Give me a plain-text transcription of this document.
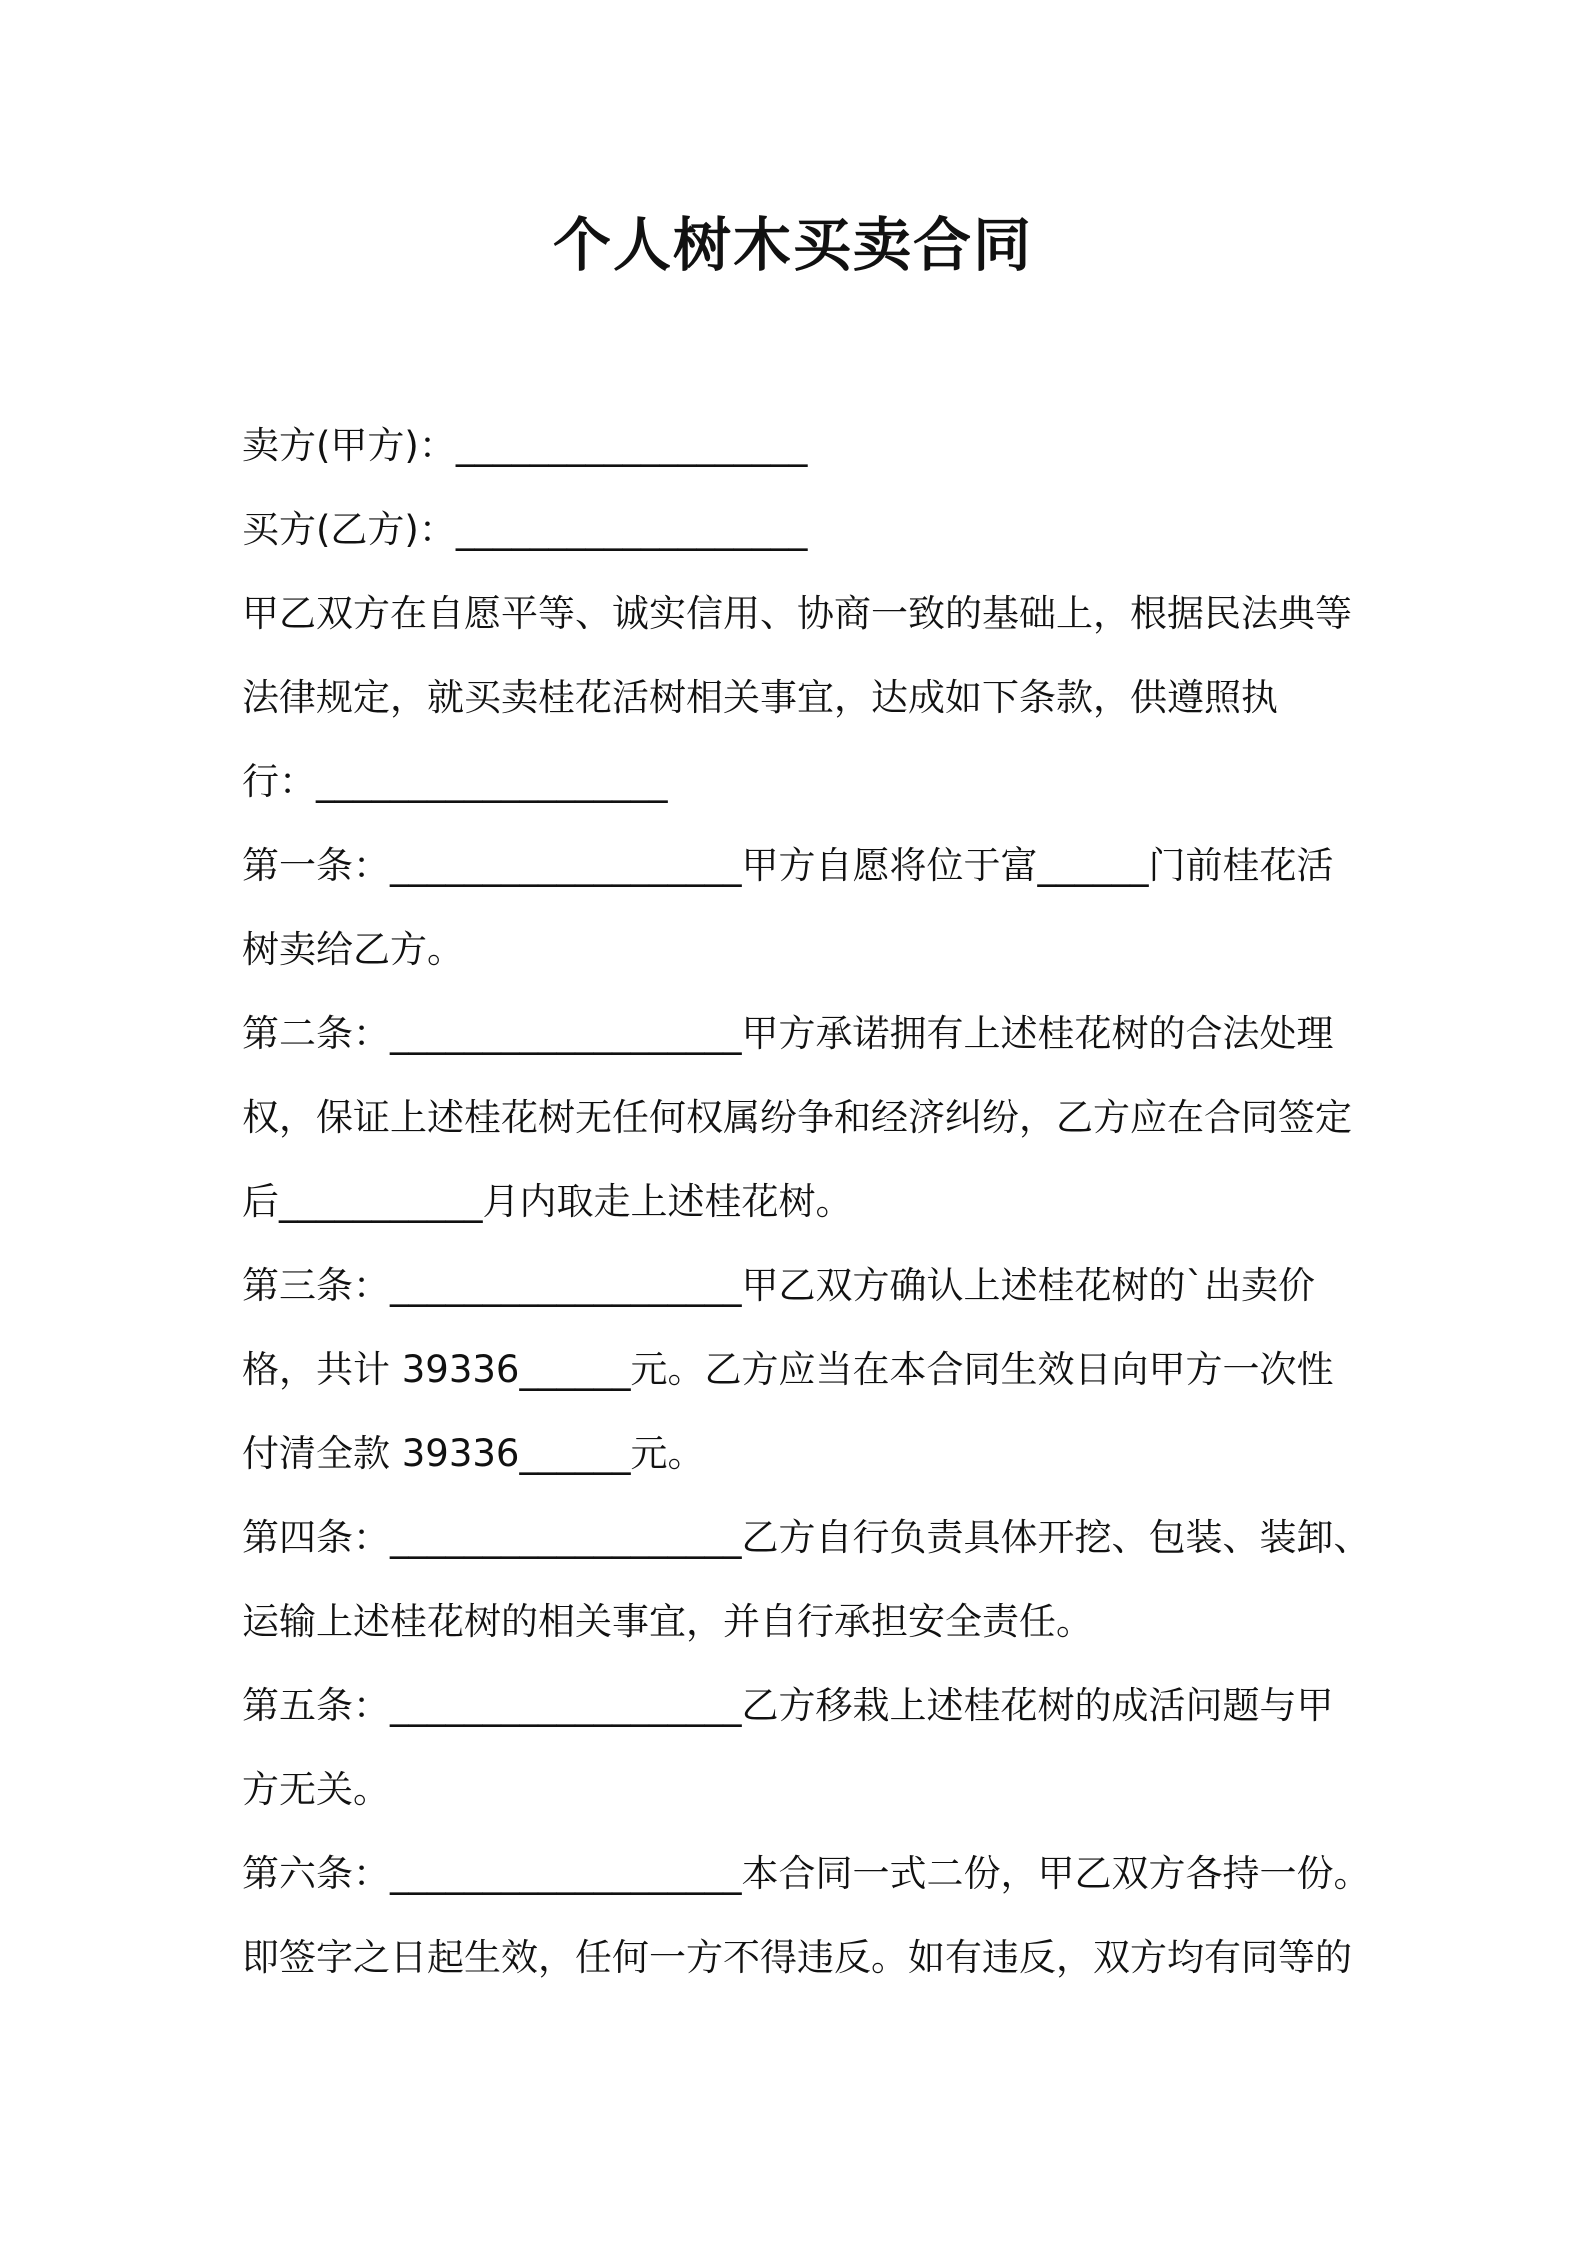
个人树木买卖合同
卖方(甲方)：___________________
买方(乙方)：___________________
甲乙双方在自愿平等、诚实信用、协商一致的基础上，根据民法典等
法律规定，就买卖桂花活树相关事宜，达成如下条款，供遵照执
行：___________________
第一条：___________________甲方自愿将位于富______门前桂花活
树卖给乙方。
第二条：___________________甲方承诺拥有上述桂花树的合法处理
权，保证上述桂花树无任何权属纷争和经济纠纷，乙方应在合同签定
后___________月内取走上述桂花树。
第三条：___________________甲乙双方确认上述桂花树的`出卖价
格，共计 39336______元。乙方应当在本合同生效日向甲方一次性
付清全款 39336______元。
第四条：___________________乙方自行负责具体开挖、包装、装卸、
运输上述桂花树的相关事宜，并自行承担安全责任。
第五条：___________________乙方移栽上述桂花树的成活问题与甲
方无关。
第六条：___________________本合同一式二份，甲乙双方各持一份。
即签字之日起生效，任何一方不得违反。如有违反，双方均有同等的
